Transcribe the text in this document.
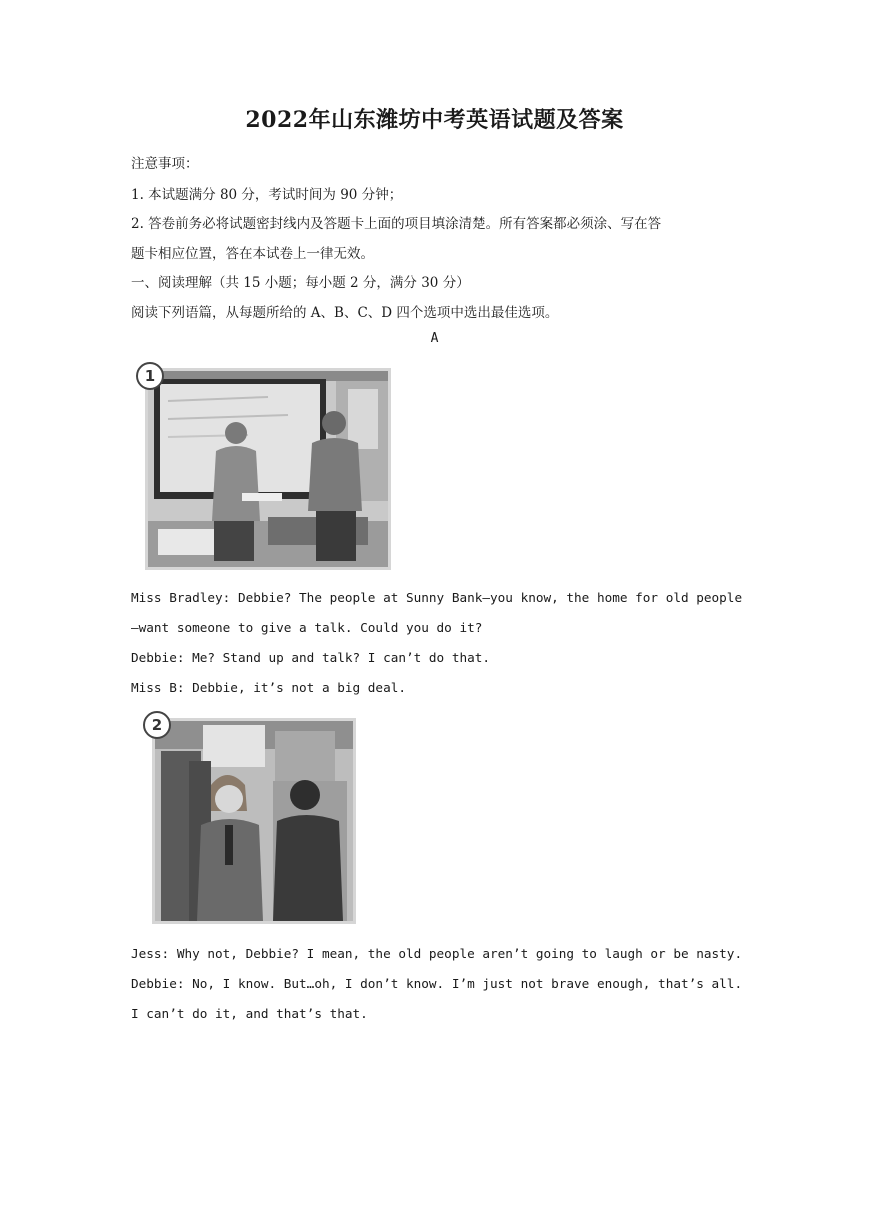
2022年山东潍坊中考英语试题及答案
注意事项：
1. 本试题满分 80 分，考试时间为 90 分钟；
2. 答卷前务必将试题密封线内及答题卡上面的项目填涂清楚。所有答案都必须涂、写在答
题卡相应位置，答在本试卷上一律无效。
一、阅读理解（共 15 小题；每小题 2 分，满分 30 分）
阅读下列语篇，从每题所给的 A、B、C、D 四个选项中选出最佳选项。
A
1
Miss Bradley: Debbie? The people at Sunny Bank—you know, the home for old people
—want someone to give a talk. Could you do it?
Debbie: Me? Stand up and talk? I can’t do that.
Miss B: Debbie, it’s not a big deal.
2
Jess: Why not, Debbie? I mean, the old people aren’t going to laugh or be nasty.
Debbie: No, I know. But…oh, I don’t know. I’m just not brave enough, that’s all.
I can’t do it, and that’s that.
